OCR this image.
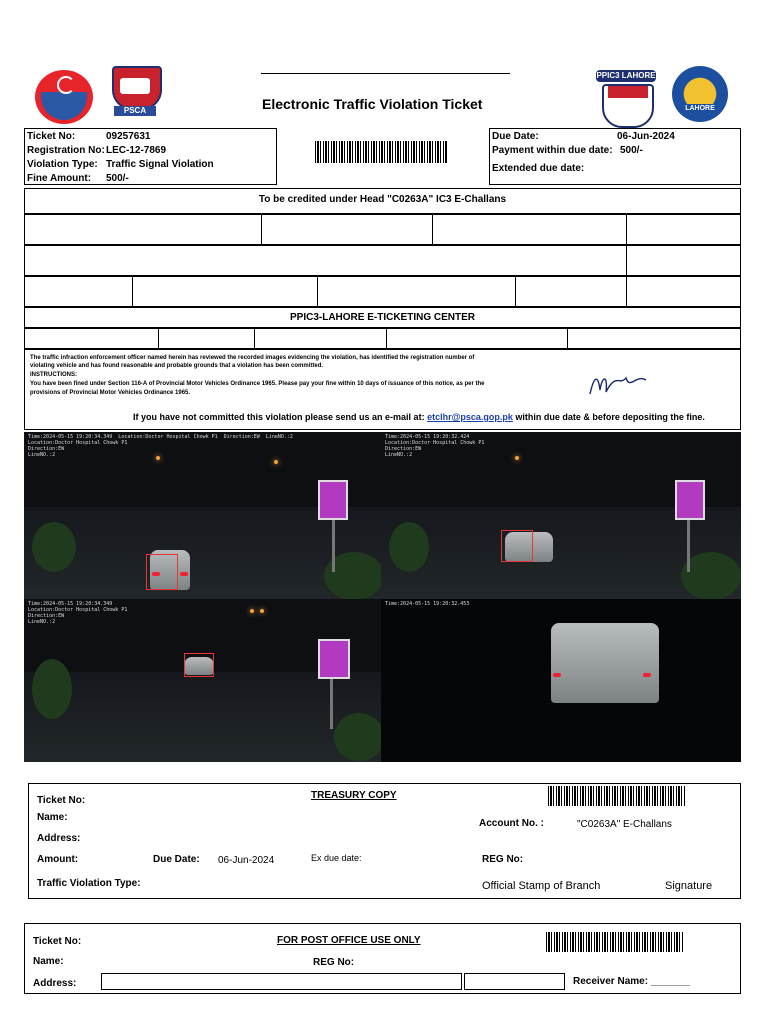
Electronic Traffic Violation Ticket
PSCA
PPIC3 LAHORE
LAHORE
Ticket No:	09257631
Registration No: LEC-12-7869
Violation Type: Traffic Signal Violation
Fine Amount: 500/-
Due Date:	06-Jun-2024
Payment within due date: 500/-
Extended due date:
To be credited under Head "C0263A" IC3 E-Challans
PPIC3-LAHORE E-TICKETING CENTER
The traffic infraction enforcement officer named herein has reviewed the recorded images evidencing the violation, has identified the registration number of
violating vehicle and has found reasonable and probable grounds that a violation has been committed.
INSTRUCTIONS:
You have been fined under Section 116-A of Provincial Motor Vehicles Ordinance 1965. Please pay your fine within 10 days of issuance of this notice, as per the
provisions of Provincial Motor Vehicles Ordinance 1965.
If you have not committed this violation please send us an e-mail at: etclhr@psca.gop.pk within due date & before depositing the fine.
Time:2024-05-15 19:20:34.349  Location:Doctor Hospital Chowk P1  Direction:EW  LineNO.:2
Location:Doctor Hospital Chowk P1
Direction:EW
LineNO.:2
Time:2024-05-15 19:20:32.424
Location:Doctor Hospital Chowk P1
Direction:EW
LineNO.:2
Time:2024-05-15 19:20:34.349
Location:Doctor Hospital Chowk P1
Direction:EW
LineNO.:2
Time:2024-05-15 19:20:32.453
Ticket No:	TREASURY COPY
Name:
Account No. :	"C0263A" E-Challans
Address:
Amount:	Due Date: 06-Jun-2024	Ex due date:	REG No:
Traffic Violation Type:	Official Stamp of Branch	Signature
Ticket No:	FOR POST OFFICE USE ONLY
Name:	REG No:
Address:	Receiver Name: _______
